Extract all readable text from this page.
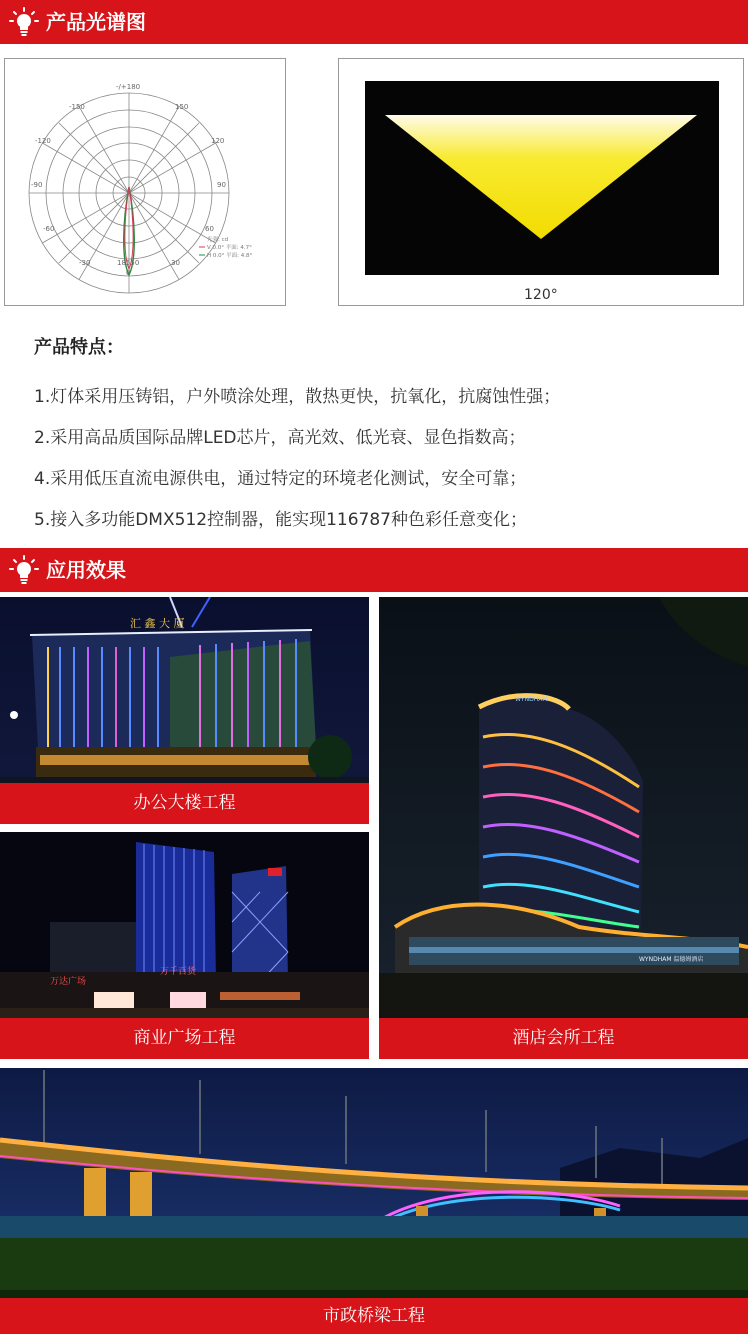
产品光谱图
-/+180
-150	150
-120	120
-90	90
-60	60
-30	30
0
18550
光强: cd
V 0.0° 平面: 4.7°
H 0.0° 平面: 4.8°
120°
产品特点：
1.灯体采用压铸铝，户外喷涂处理，散热更快，抗氧化，抗腐蚀性强；
2.采用高品质国际品牌LED芯片，高光效、低光衰、显色指数高；
4.采用低压直流电源供电，通过特定的环境老化测试，安全可靠；
5.接入多功能DMX512控制器，能实现116787种色彩任意变化；
应用效果
汇 鑫 大 厦
办公大楼工程
万达广场
万千百货
商业广场工程
WYNDHAM
WYNDHAM 温德姆酒店
酒店会所工程
市政桥梁工程
